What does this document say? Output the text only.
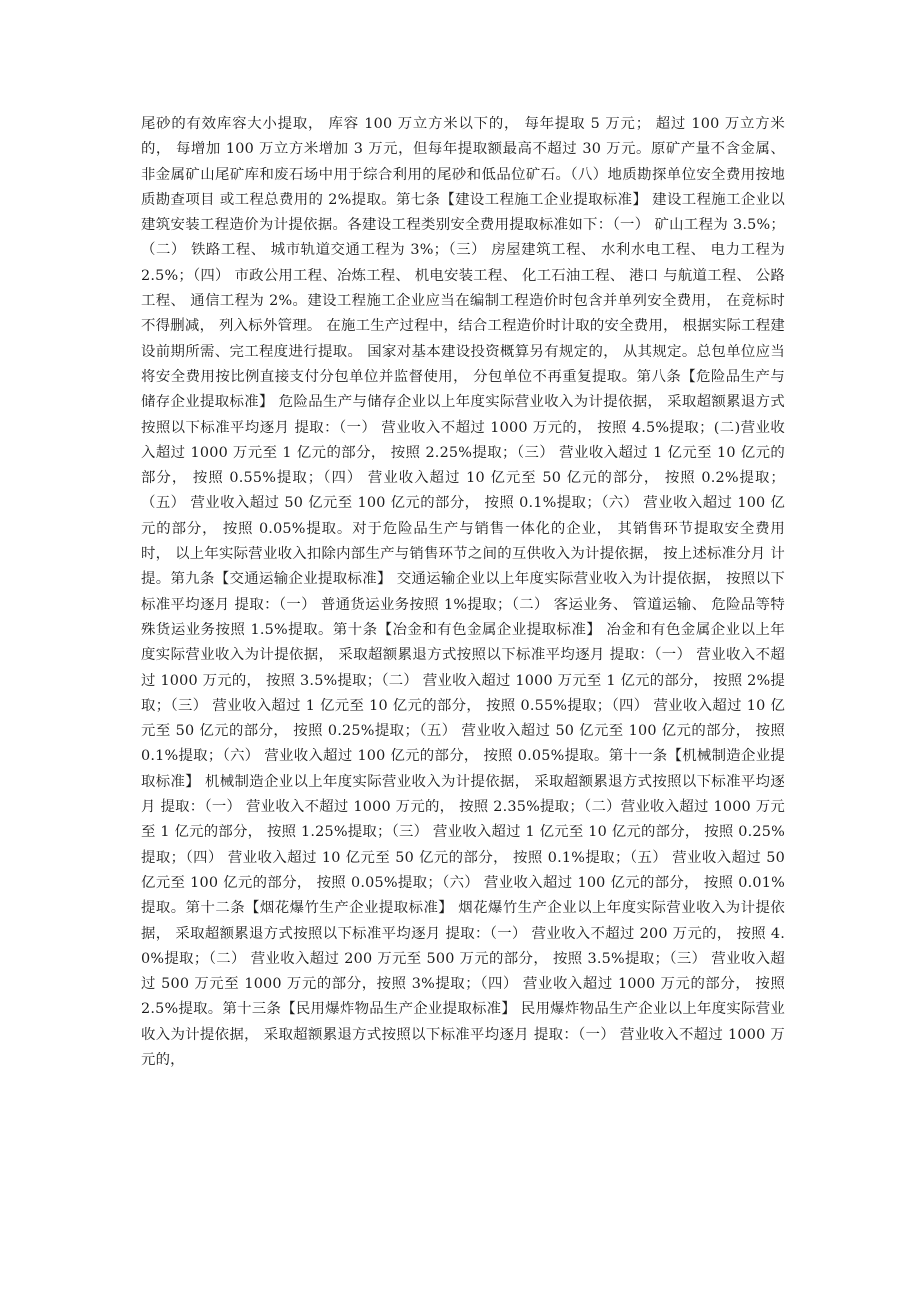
尾砂的有效库容大小提取， 库容 100 万立方米以下的， 每年提取 5 万元； 超过 100 万立方米的， 每增加 100 万立方米增加 3 万元，但每年提取额最高不超过 30 万元。原矿产量不含金属、 非金属矿山尾矿库和废石场中用于综合利用的尾砂和低品位矿石。（八）地质勘探单位安全费用按地质勘查项目 或工程总费用的 2%提取。第七条【建设工程施工企业提取标准】 建设工程施工企业以建筑安装工程造价为计提依据。各建设工程类别安全费用提取标准如下：（一） 矿山工程为 3.5%；（二） 铁路工程、 城市轨道交通工程为 3%；（三） 房屋建筑工程、 水利水电工程、 电力工程为 2.5%；（四） 市政公用工程、冶炼工程、 机电安装工程、 化工石油工程、 港口 与航道工程、 公路工程、 通信工程为 2%。建设工程施工企业应当在编制工程造价时包含并单列安全费用， 在竞标时不得删减， 列入标外管理。 在施工生产过程中，结合工程造价时计取的安全费用， 根据实际工程建设前期所需、完工程度进行提取。 国家对基本建设投资概算另有规定的， 从其规定。总包单位应当将安全费用按比例直接支付分包单位并监督使用， 分包单位不再重复提取。第八条【危险品生产与储存企业提取标准】 危险品生产与储存企业以上年度实际营业收入为计提依据， 采取超额累退方式按照以下标准平均逐月 提取：（一） 营业收入不超过 1000 万元的， 按照 4.5%提取；(二)营业收入超过 1000 万元至 1 亿元的部分， 按照 2.25%提取；（三） 营业收入超过 1 亿元至 10 亿元的部分， 按照 0.55%提取；（四） 营业收入超过 10 亿元至 50 亿元的部分， 按照 0.2%提取；（五） 营业收入超过 50 亿元至 100 亿元的部分， 按照 0.1%提取；（六） 营业收入超过 100 亿元的部分， 按照 0.05%提取。对于危险品生产与销售一体化的企业， 其销售环节提取安全费用时， 以上年实际营业收入扣除内部生产与销售环节之间的互供收入为计提依据， 按上述标准分月 计提。第九条【交通运输企业提取标准】 交通运输企业以上年度实际营业收入为计提依据， 按照以下标准平均逐月 提取：（一） 普通货运业务按照 1%提取；（二） 客运业务、 管道运输、 危险品等特殊货运业务按照 1.5%提取。第十条【冶金和有色金属企业提取标准】 冶金和有色金属企业以上年度实际营业收入为计提依据， 采取超额累退方式按照以下标准平均逐月 提取：（一） 营业收入不超过 1000 万元的， 按照 3.5%提取；（二） 营业收入超过 1000 万元至 1 亿元的部分， 按照 2%提取；（三） 营业收入超过 1 亿元至 10 亿元的部分， 按照 0.55%提取；（四） 营业收入超过 10 亿元至 50 亿元的部分， 按照 0.25%提取；（五） 营业收入超过 50 亿元至 100 亿元的部分， 按照 0.1%提取；（六） 营业收入超过 100 亿元的部分， 按照 0.05%提取。第十一条【机械制造企业提取标准】 机械制造企业以上年度实际营业收入为计提依据， 采取超额累退方式按照以下标准平均逐月 提取：（一） 营业收入不超过 1000 万元的， 按照 2.35%提取；（二）营业收入超过 1000 万元至 1 亿元的部分， 按照 1.25%提取；（三） 营业收入超过 1 亿元至 10 亿元的部分， 按照 0.25%提取；（四） 营业收入超过 10 亿元至 50 亿元的部分， 按照 0.1%提取；（五） 营业收入超过 50 亿元至 100 亿元的部分， 按照 0.05%提取；（六） 营业收入超过 100 亿元的部分， 按照 0.01%提取。第十二条【烟花爆竹生产企业提取标准】 烟花爆竹生产企业以上年度实际营业收入为计提依据， 采取超额累退方式按照以下标准平均逐月 提取：（一） 营业收入不超过 200 万元的， 按照 4.0%提取；（二） 营业收入超过 200 万元至 500 万元的部分， 按照 3.5%提取；（三） 营业收入超过 500 万元至 1000 万元的部分，按照 3%提取；（四） 营业收入超过 1000 万元的部分， 按照 2.5%提取。第十三条【民用爆炸物品生产企业提取标准】 民用爆炸物品生产企业以上年度实际营业收入为计提依据， 采取超额累退方式按照以下标准平均逐月 提取：（一） 营业收入不超过 1000 万元的，
